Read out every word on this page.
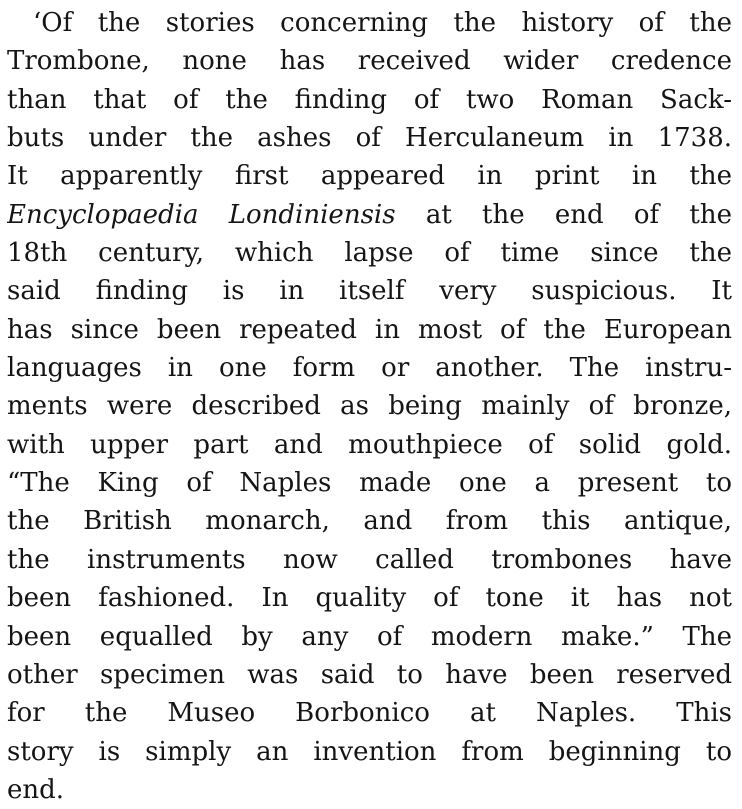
‘Of the stories concerning the history of the
Trombone, none has received wider credence
than that of the finding of two Roman Sack-
buts under the ashes of Herculaneum in 1738.
It apparently first appeared in print in the
Encyclopaedia Londiniensis at the end of the
18th century, which lapse of time since the
said finding is in itself very suspicious. It
has since been repeated in most of the European
languages in one form or another. The instru-
ments were described as being mainly of bronze,
with upper part and mouthpiece of solid gold.
“The King of Naples made one a present to
the British monarch, and from this antique,
the instruments now called trombones have
been fashioned. In quality of tone it has not
been equalled by any of modern make.” The
other specimen was said to have been reserved
for the Museo Borbonico at Naples. This
story is simply an invention from beginning to
end.
